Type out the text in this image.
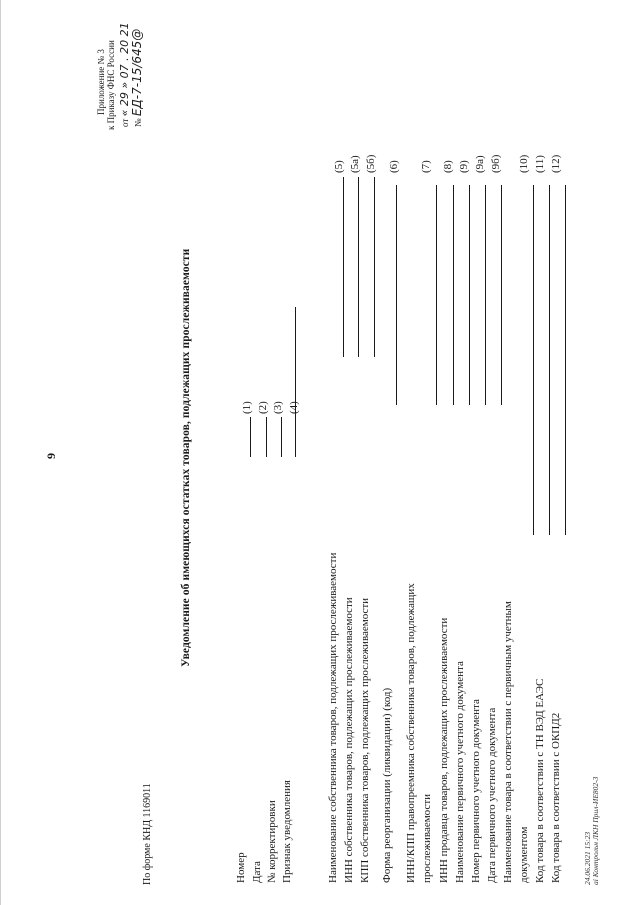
9
По форме КНД 1169011
Уведомление об имеющихся остатках товаров, подлежащих прослеживаемости
Приложение № 3 к Приказу ФНС России от « 29 » 07 . 20 21
№ ЕД-7-15/645@
Номер
(1)
Дата
(2)
№ корректировки
(3)
Признак уведомления
(4)
Наименование собственника товаров, подлежащих прослеживаемости
(5)
ИНН собственника товаров, подлежащих прослеживаемости
(5а)
КПП собственника товаров, подлежащих прослеживаемости
(5б)
Форма реорганизации (ликвидации) (код)
(6)
ИНН/КПП правопреемника собственника товаров, подлежащих прослеживаемости
(7)
ИНН продавца товаров, подлежащих прослеживаемости
(8)
Наименование первичного учетного документа
(9)
Номер первичного учетного документа
(9а)
Дата первичного учетного документа
(9б)
Наименование товара в соответствии с первичным учетным документом
(10)
Код товара в соответствии с ТН ВЭД ЕАЭС
(11)
Код товара в соответствии с ОКПД2
(12)
24.06.2021 15:23 ai Контрольн ЛКН Прил-ИЕ802-3
